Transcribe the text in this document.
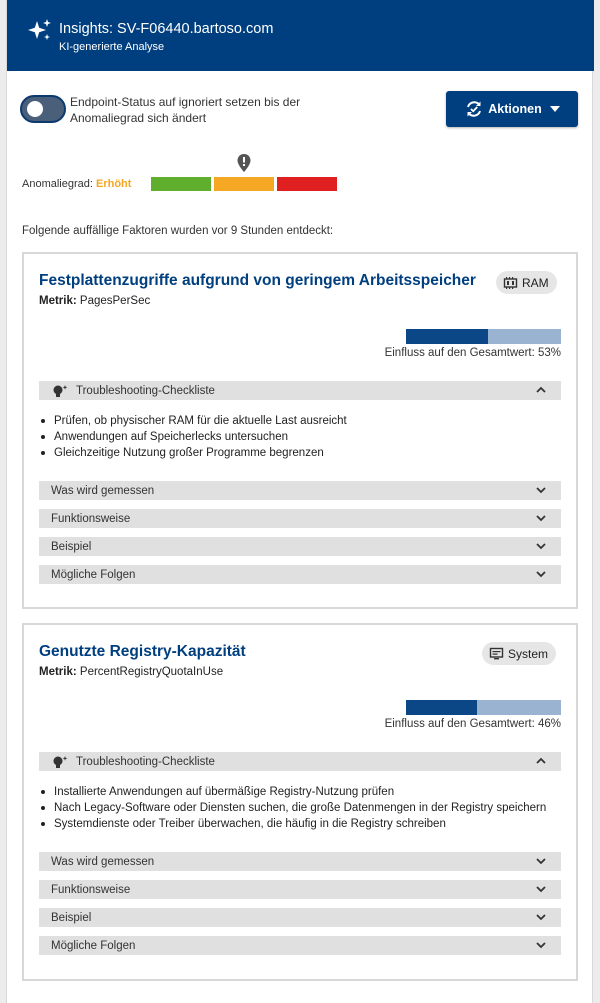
Insights: SV-F06440.bartoso.com
KI-generierte Analyse
Endpoint-Status auf ignoriert setzen bis der Anomaliegrad sich ändert
Aktionen
Anomaliegrad: Erhöht
Folgende auffällige Faktoren wurden vor 9 Stunden entdeckt:
Festplattenzugriffe aufgrund von geringem Arbeitsspeicher
Metrik: PagesPerSec
RAM
Einfluss auf den Gesamtwert: 53%
Troubleshooting-Checkliste
Prüfen, ob physischer RAM für die aktuelle Last ausreicht
Anwendungen auf Speicherlecks untersuchen
Gleichzeitige Nutzung großer Programme begrenzen
Was wird gemessen
Funktionsweise
Beispiel
Mögliche Folgen
Genutzte Registry-Kapazität
Metrik: PercentRegistryQuotaInUse
System
Einfluss auf den Gesamtwert: 46%
Troubleshooting-Checkliste
Installierte Anwendungen auf übermäßige Registry-Nutzung prüfen
Nach Legacy-Software oder Diensten suchen, die große Datenmengen in der Registry speichern
Systemdienste oder Treiber überwachen, die häufig in die Registry schreiben
Was wird gemessen
Funktionsweise
Beispiel
Mögliche Folgen
